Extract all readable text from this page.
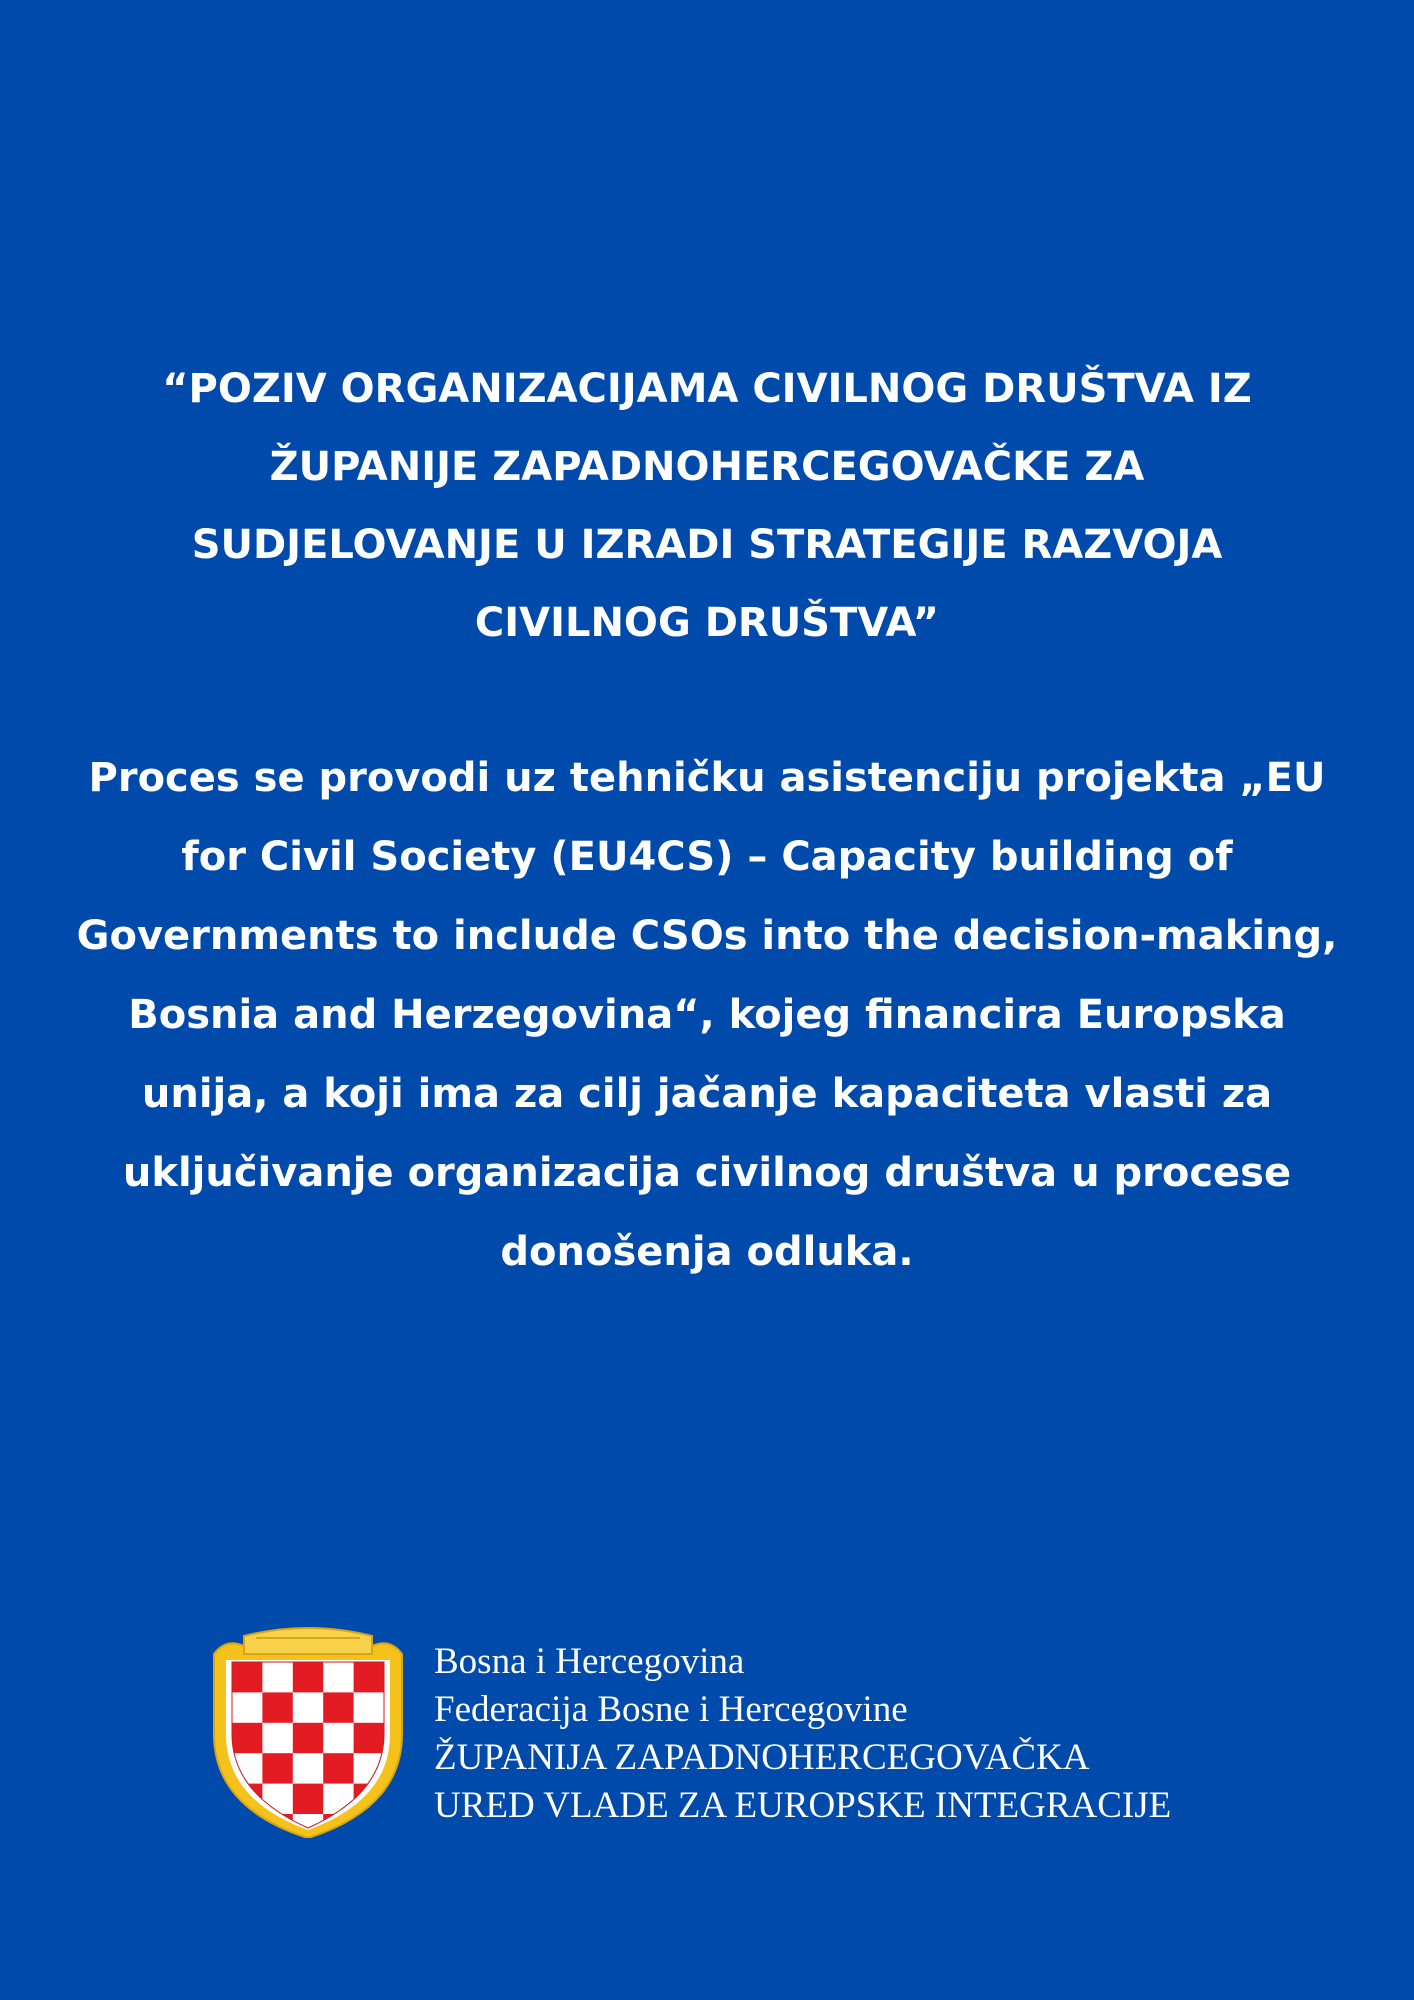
“POZIV ORGANIZACIJAMA CIVILNOG DRUŠTVA IZ ŽUPANIJE ZAPADNOHERCEGOVAČKE ZA SUDJELOVANJE U IZRADI STRATEGIJE RAZVOJA CIVILNOG DRUŠTVA”
Proces se provodi uz tehničku asistenciju projekta „EU for Civil Society (EU4CS) – Capacity building of Governments to include CSOs into the decision-making, Bosnia and Herzegovina“, kojeg financira Europska unija, a koji ima za cilj jačanje kapaciteta vlasti za uključivanje organizacija civilnog društva u procese donošenja odluka.
Bosna i Hercegovina
Federacija Bosne i Hercegovine
ŽUPANIJA ZAPADNOHERCEGOVAČKA
URED VLADE ZA EUROPSKE INTEGRACIJE
